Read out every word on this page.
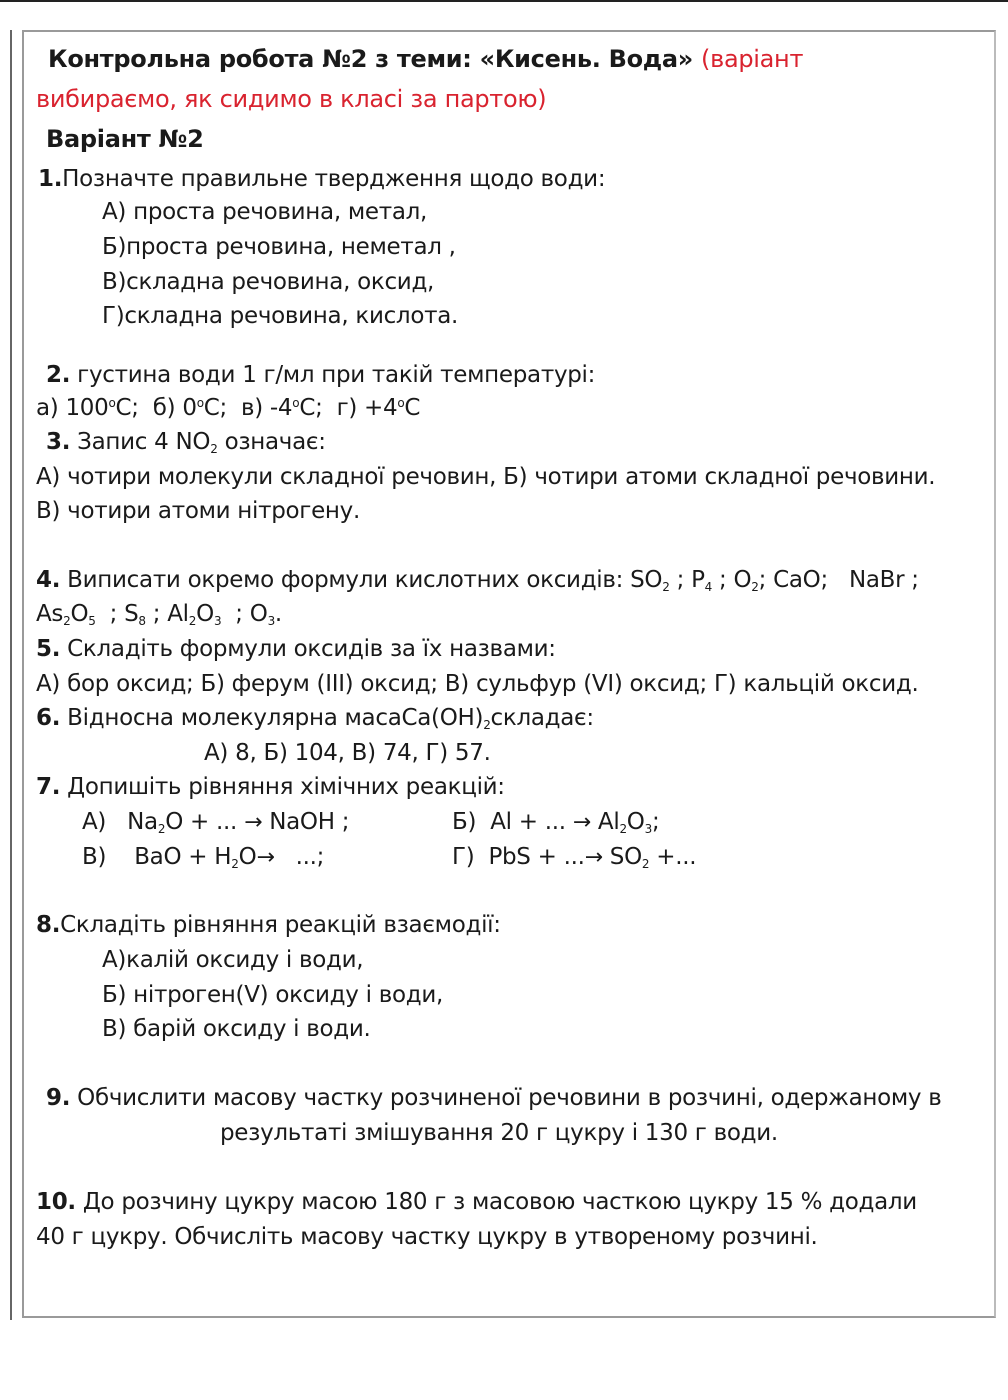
Контрольна робота №2 з теми: «Кисень. Вода» (варіант
вибираємо, як сидимо в класі за партою)
Варіант №2
1.Позначте правильне твердження щодо води:
А) проста речовина, метал,
Б)проста речовина, неметал ,
В)складна речовина, оксид,
Г)складна речовина, кислота.
2. густина води 1 г/мл при такій температурі:
а) $100^оС$; б) $0^оС$; в) $-4^оС$; $г) +4^оС$
3. Запис 4 $NO_2$ означає:
А) чотири молекули складної речовин, Б) чотири атоми складної речовини.
В) чотири атоми нітрогену.
4. Виписати окремо формули кислотних оксидів: $SO_2$ ; $P_4$ ; $O_2$; CaO; NaBr ;
$As_2O_5$  ; $S_8$ ; $Al_2O_3$  ; $O_3$.
5. Складіть формули оксидів за їх назвами:
А) бор оксид; Б) ферум (ІІІ) оксид; В) сульфур (VI) оксид; Г) кальцій оксид.
6. Відносна молекулярна $масаCa(OH)_2складає$:
А) 8, Б) 104, В) 74, Г) 57.
7. Допишіть рівняння хімічних реакцій:
А) $Na_2O$ + ... → NaOH ;	Б) Al + ... → $Al_2O_3$;
В) BaO + $H_2O\to$ ...;	Г) PbS + ...→ $SO_2$ +...
8.Складіть рівняння реакцій взаємодії:
А)калій оксиду і води,
Б) нітроген(V) оксиду і води,
В) барій оксиду і води.
9. Обчислити масову частку розчиненої речовини в розчині, одержаному в
результаті змішування 20 г цукру і 130 г води.
10. До розчину цукру масою 180 г з масовою часткою цукру 15 % додали
40 г цукру. Обчисліть масову частку цукру в утвореному розчині.
